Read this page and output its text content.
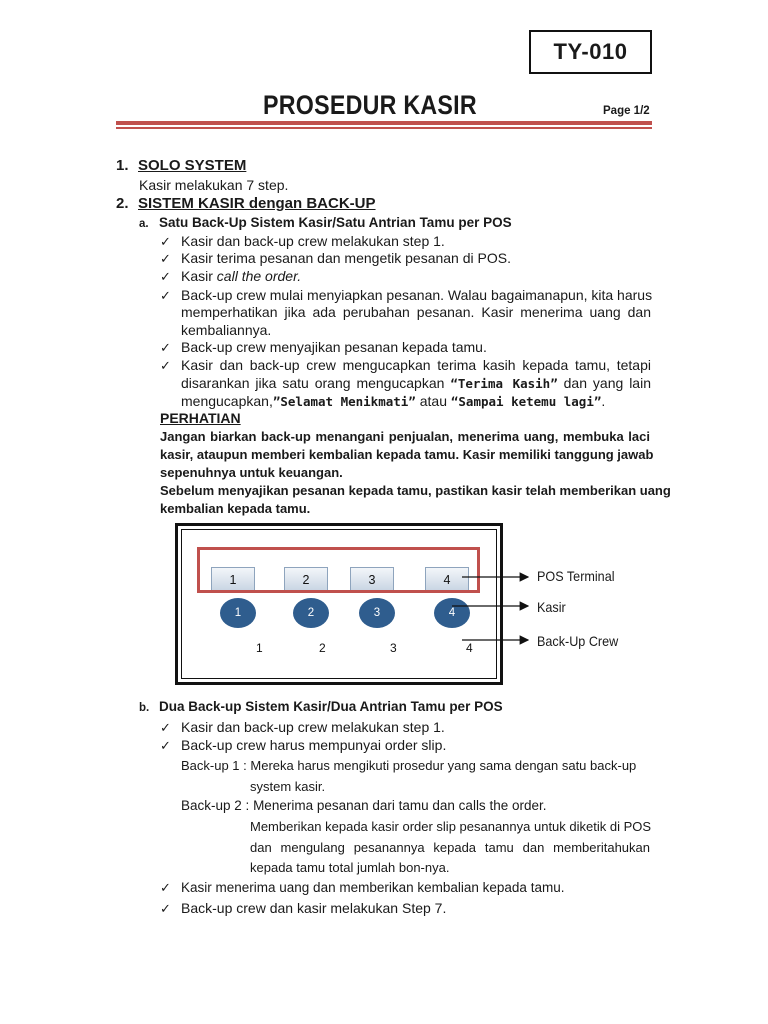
TY-010
PROSEDUR KASIR	Page 1/2
1. SOLO SYSTEM
Kasir melakukan 7 step.
2. SISTEM KASIR dengan BACK-UP
a. Satu Back-Up Sistem Kasir/Satu Antrian Tamu per POS
✓ Kasir dan back-up crew melakukan step 1.
✓ Kasir terima pesanan dan mengetik pesanan di POS.
✓ Kasir call the order.
✓ Back-up crew mulai menyiapkan pesanan. Walau bagaimanapun, kita harus
memperhatikan jika ada perubahan pesanan. Kasir menerima uang dan
kembaliannya.
✓ Back-up crew menyajikan pesanan kepada tamu.
✓ Kasir dan back-up crew mengucapkan terima kasih kepada tamu, tetapi
disarankan jika satu orang mengucapkan “Terima Kasih” dan yang lain
mengucapkan,”Selamat Menikmati” atau “Sampai ketemu lagi”.
PERHATIAN
Jangan biarkan back-up menangani penjualan, menerima uang, membuka laci
kasir, ataupun memberi kembalian kepada tamu. Kasir memiliki tanggung jawab
sepenuhnya untuk keuangan.
Sebelum menyajikan pesanan kepada tamu, pastikan kasir telah memberikan uang
kembalian kepada tamu.
1	2	3	4
1	2	3	4
1	2	3	4
POS Terminal
Kasir
Back-Up Crew
b. Dua Back-up Sistem Kasir/Dua Antrian Tamu per POS
✓ Kasir dan back-up crew melakukan step 1.
✓ Back-up crew harus mempunyai order slip.
Back-up 1 : Mereka harus mengikuti prosedur yang sama dengan satu back-up
system kasir.
Back-up 2 : Menerima pesanan dari tamu dan calls the order.
Memberikan kepada kasir order slip pesanannya untuk diketik di POS
dan mengulang pesanannya kepada tamu dan memberitahukan
kepada tamu total jumlah bon-nya.
✓ Kasir menerima uang dan memberikan kembalian kepada tamu.
✓ Back-up crew dan kasir melakukan Step 7.
